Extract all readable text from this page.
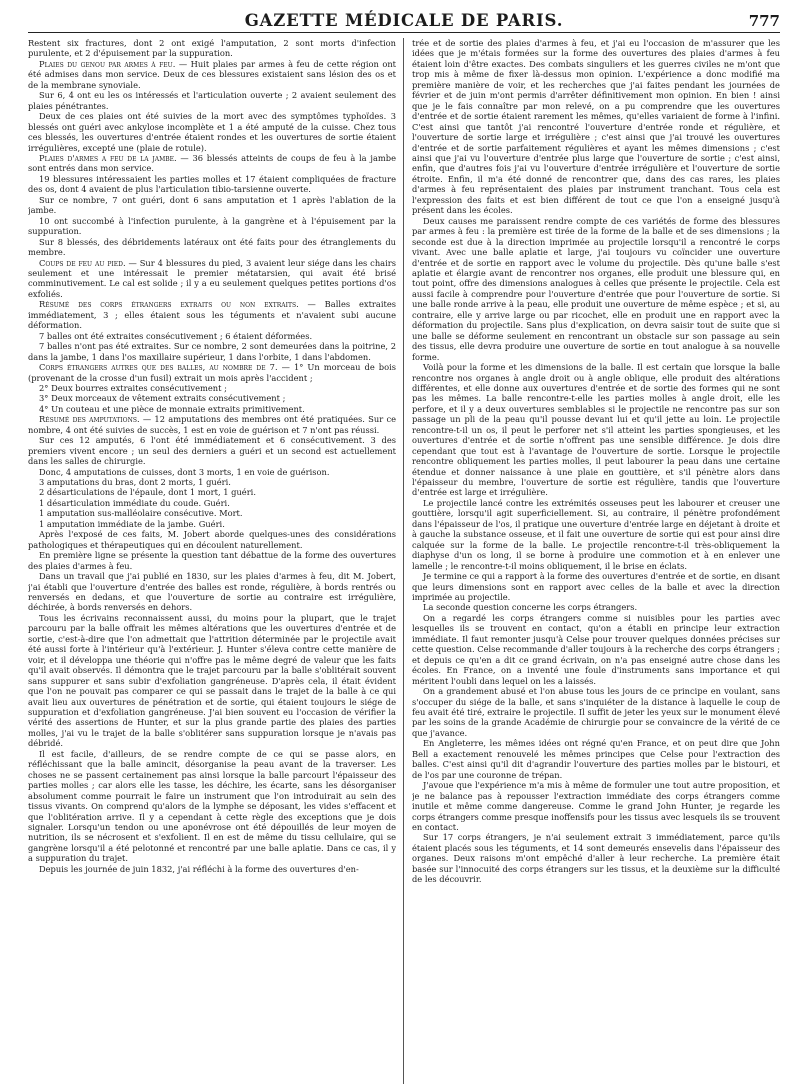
GAZETTE MÉDICALE DE PARIS.	777

Restent six fractures, dont 2 ont exigé l'amputation, 2 sont morts d'infection purulente, et 2 d'épuisement par la suppuration.

Plaies du genou par armes à feu. — Huit plaies par armes à feu de cette région ont été admises dans mon service. Deux de ces blessures existaient sans lésion des os et de la membrane synoviale.

Sur 6, 4 ont eu les os intéressés et l'articulation ouverte ; 2 avaient seulement des plaies pénétrantes.

Deux de ces plaies ont été suivies de la mort avec des symptômes typhoïdes. 3 blessés ont guéri avec ankylose incomplète et 1 a été amputé de la cuisse. Chez tous ces blessés, les ouvertures d'entrée étaient rondes et les ouvertures de sortie étaient irrégulières, excepté une (plaie de rotule).

Plaies d'armes a feu de la jambe. — 36 blessés atteints de coups de feu à la jambe sont entrés dans mon service.

19 blessures intéressaient les parties molles et 17 étaient compliquées de fracture des os, dont 4 avaient de plus l'articulation tibio-tarsienne ouverte.

Sur ce nombre, 7 ont guéri, dont 6 sans amputation et 1 après l'ablation de la jambe.

10 ont succombé à l'infection purulente, à la gangrène et à l'épuisement par la suppuration.

Sur 8 blessés, des débridements latéraux ont été faits pour des étranglements du membre.

Coups de feu au pied. — Sur 4 blessures du pied, 3 avaient leur siége dans les chairs seulement et une intéressait le premier métatarsien, qui avait été brisé comminutivement. Le cal est solide ; il y a eu seulement quelques petites portions d'os exfoliés.

Résumé des corps étrangers extraits ou non extraits. — Balles extraites immédiatement, 3 ; elles étaient sous les téguments et n'avaient subi aucune déformation.

7 balles ont été extraites consécutivement ; 6 étaient déformées.

7 balles n'ont pas été extraites. Sur ce nombre, 2 sont demeurées dans la poitrine, 2 dans la jambe, 1 dans l'os maxillaire supérieur, 1 dans l'orbite, 1 dans l'abdomen.

Corps étrangers autres que des balles, au nombre de 7. — 1° Un morceau de bois (provenant de la crosse d'un fusil) extrait un mois après l'accident ;

2° Deux bourres extraites consécutivement ;

3° Deux morceaux de vêtement extraits consécutivement ;

4° Un couteau et une pièce de monnaie extraits primitivement.

Résumé des amputations. — 12 amputations des membres ont été pratiquées. Sur ce nombre, 4 ont été suivies de succès, 1 est en voie de guérison et 7 n'ont pas réussi.

Sur ces 12 amputés, 6 l'ont été immédiatement et 6 consécutivement. 3 des premiers vivent encore ; un seul des derniers a guéri et un second est actuellement dans les salles de chirurgie.

Donc, 4 amputations de cuisses, dont 3 morts, 1 en voie de guérison.

3 amputations du bras, dont 2 morts, 1 guéri.

2 désarticulations de l'épaule, dont 1 mort, 1 guéri.

1 désarticulation immédiate du coude. Guéri.

1 amputation sus-malléolaire consécutive. Mort.

1 amputation immédiate de la jambe. Guéri.

Après l'exposé de ces faits, M. Jobert aborde quelques-unes des considérations pathologiques et thérapeutiques qui en découlent naturellement.

En première ligne se présente la question tant débattue de la forme des ouvertures des plaies d'armes à feu.

Dans un travail que j'ai publié en 1830, sur les plaies d'armes à feu, dit M. Jobert, j'ai établi que l'ouverture d'entrée des balles est ronde, régulière, à bords rentrés ou renversés en dedans, et que l'ouverture de sortie au contraire est irrégulière, déchirée, à bords renversés en dehors.

Tous les écrivains reconnaissent aussi, du moins pour la plupart, que le trajet parcouru par la balle offrait les mêmes altérations que les ouvertures d'entrée et de sortie, c'est-à-dire que l'on admettait que l'attrition déterminée par le projectile avait été aussi forte à l'intérieur qu'à l'extérieur. J. Hunter s'éleva contre cette manière de voir, et il développa une théorie qui n'offre pas le même degré de valeur que les faits qu'il avait observés. Il démontra que le trajet parcouru par la balle s'oblitérait souvent sans suppurer et sans subir d'exfoliation gangréneuse. D'après cela, il était évident que l'on ne pouvait pas comparer ce qui se passait dans le trajet de la balle à ce qui avait lieu aux ouvertures de pénétration et de sortie, qui étaient toujours le siége de suppuration et d'exfoliation gangréneuse. J'ai bien souvent eu l'occasion de vérifier la vérité des assertions de Hunter, et sur la plus grande partie des plaies des parties molles, j'ai vu le trajet de la balle s'oblitérer sans suppuration lorsque je n'avais pas débridé.

Il est facile, d'ailleurs, de se rendre compte de ce qui se passe alors, en réfléchissant que la balle amincit, désorganise la peau avant de la traverser. Les choses ne se passent certainement pas ainsi lorsque la balle parcourt l'épaisseur des parties molles ; car alors elle les tasse, les déchire, les écarte, sans les désorganiser absolument comme pourrait le faire un instrument que l'on introduirait au sein des tissus vivants. On comprend qu'alors de la lymphe se déposant, les vides s'effacent et que l'oblitération arrive. Il y a cependant à cette règle des exceptions que je dois signaler. Lorsqu'un tendon ou une aponévrose ont été dépouillés de leur moyen de nutrition, ils se nécrosent et s'exfolient. Il en est de même du tissu cellulaire, qui se gangrène lorsqu'il a été pelotonné et rencontré par une balle aplatie. Dans ce cas, il y a suppuration du trajet.

Depuis les journée de juin 1832, j'ai réfléchi à la forme des ouvertures d'en-

trée et de sortie des plaies d'armes à feu, et j'ai eu l'occasion de m'assurer que les idées que je m'étais formées sur la forme des ouvertures des plaies d'armes à feu étaient loin d'être exactes. Des combats singuliers et les guerres civiles ne m'ont que trop mis à même de fixer là-dessus mon opinion. L'expérience a donc modifié ma première manière de voir, et les recherches que j'ai faites pendant les journées de février et de juin m'ont permis d'arrêter définitivement mon opinion. En bien ! ainsi que je le fais connaître par mon relevé, on a pu comprendre que les ouvertures d'entrée et de sortie étaient rarement les mêmes, qu'elles variaient de forme à l'infini. C'est ainsi que tantôt j'ai rencontré l'ouverture d'entrée ronde et régulière, et l'ouverture de sortie large et irrégulière ; c'est ainsi que j'ai trouvé les ouvertures d'entrée et de sortie parfaitement régulières et ayant les mêmes dimensions ; c'est ainsi que j'ai vu l'ouverture d'entrée plus large que l'ouverture de sortie ; c'est ainsi, enfin, que d'autres fois j'ai vu l'ouverture d'entrée irrégulière et l'ouverture de sortie étroite. Enfin, il m'a été donné de rencontrer que, dans des cas rares, les plaies d'armes à feu représentaient des plaies par instrument tranchant. Tous cela est l'expression des faits et est bien différent de tout ce que l'on a enseigné jusqu'à présent dans les écoles.

Deux causes me paraissent rendre compte de ces variétés de forme des blessures par armes à feu : la première est tirée de la forme de la balle et de ses dimensions ; la seconde est due à la direction imprimée au projectile lorsqu'il a rencontré le corps vivant. Avec une balle aplatie et large, j'ai toujours vu coïncider une ouverture d'entrée et de sortie en rapport avec le volume du projectile. Dès qu'une balle s'est aplatie et élargie avant de rencontrer nos organes, elle produit une blessure qui, en tout point, offre des dimensions analogues à celles que présente le projectile. Cela est aussi facile à comprendre pour l'ouverture d'entrée que pour l'ouverture de sortie. Si une balle ronde arrive à la peau, elle produit une ouverture de même espèce ; et si, au contraire, elle y arrive large ou par ricochet, elle en produit une en rapport avec la déformation du projectile. Sans plus d'explication, on devra saisir tout de suite que si une balle se déforme seulement en rencontrant un obstacle sur son passage au sein des tissus, elle devra produire une ouverture de sortie en tout analogue à sa nouvelle forme.

Voilà pour la forme et les dimensions de la balle. Il est certain que lorsque la balle rencontre nos organes à angle droit ou à angle oblique, elle produit des altérations différentes, et elle donne aux ouvertures d'entrée et de sortie des formes qui ne sont pas les mêmes. La balle rencontre-t-elle les parties molles à angle droit, elle les perfore, et il y a deux ouvertures semblables si le projectile ne rencontre pas sur son passage un pli de la peau qu'il pousse devant lui et qu'il jette au loin. Le projectile rencontre-t-il un os, il peut le perforer net s'il atteint les parties spongieuses, et les ouvertures d'entrée et de sortie n'offrent pas une sensible différence. Je dois dire cependant que tout est à l'avantage de l'ouverture de sortie. Lorsque le projectile rencontre obliquement les parties molles, il peut labourer la peau dans une certaine étendue et donner naissance à une plaie en gouttière, et s'il pénètre alors dans l'épaisseur du membre, l'ouverture de sortie est régulière, tandis que l'ouverture d'entrée est large et irrégulière.

Le projectile lancé contre les extrémités osseuses peut les labourer et creuser une gouttière, lorsqu'il agit superficiellement. Si, au contraire, il pénètre profondément dans l'épaisseur de l'os, il pratique une ouverture d'entrée large en déjetant à droite et à gauche la substance osseuse, et il fait une ouverture de sortie qui est pour ainsi dire calquée sur la forme de la balle. Le projectile rencontre-t-il très-obliquement la diaphyse d'un os long, il se borne à produire une commotion et à en enlever une lamelle ; le rencontre-t-il moins obliquement, il le brise en éclats.

Je termine ce qui a rapport à la forme des ouvertures d'entrée et de sortie, en disant que leurs dimensions sont en rapport avec celles de la balle et avec la direction imprimée au projectile.

La seconde question concerne les corps étrangers.

On a regardé les corps étrangers comme si nuisibles pour les parties avec lesquelles ils se trouvent en contact, qu'on a établi en principe leur extraction immédiate. Il faut remonter jusqu'à Celse pour trouver quelques données précises sur cette question. Celse recommande d'aller toujours à la recherche des corps étrangers ; et depuis ce qu'en a dit ce grand écrivain, on n'a pas enseigné autre chose dans les écoles. En France, on a inventé une foule d'instruments sans importance et qui méritent l'oubli dans lequel on les a laissés.

On a grandement abusé et l'on abuse tous les jours de ce principe en voulant, sans s'occuper du siége de la balle, et sans s'inquiéter de la distance à laquelle le coup de feu avait été tiré, extraire le projectile. Il suffit de jeter les yeux sur le monument élevé par les soins de la grande Académie de chirurgie pour se convaincre de la vérité de ce que j'avance.

En Angleterre, les mêmes idées ont régné qu'en France, et on peut dire que John Bell a exactement renouvelé les mêmes principes que Celse pour l'extraction des balles. C'est ainsi qu'il dit d'agrandir l'ouverture des parties molles par le bistouri, et de l'os par une couronne de trépan.

J'avoue que l'expérience m'a mis à même de formuler une tout autre proposition, et je ne balance pas à repousser l'extraction immédiate des corps étrangers comme inutile et même comme dangereuse. Comme le grand John Hunter, je regarde les corps étrangers comme presque inoffensifs pour les tissus avec lesquels ils se trouvent en contact.

Sur 17 corps étrangers, je n'ai seulement extrait 3 immédiatement, parce qu'ils étaient placés sous les téguments, et 14 sont demeurés ensevelis dans l'épaisseur des organes. Deux raisons m'ont empêché d'aller à leur recherche. La première était basée sur l'innocuité des corps étrangers sur les tissus, et la deuxième sur la difficulté de les découvrir.
